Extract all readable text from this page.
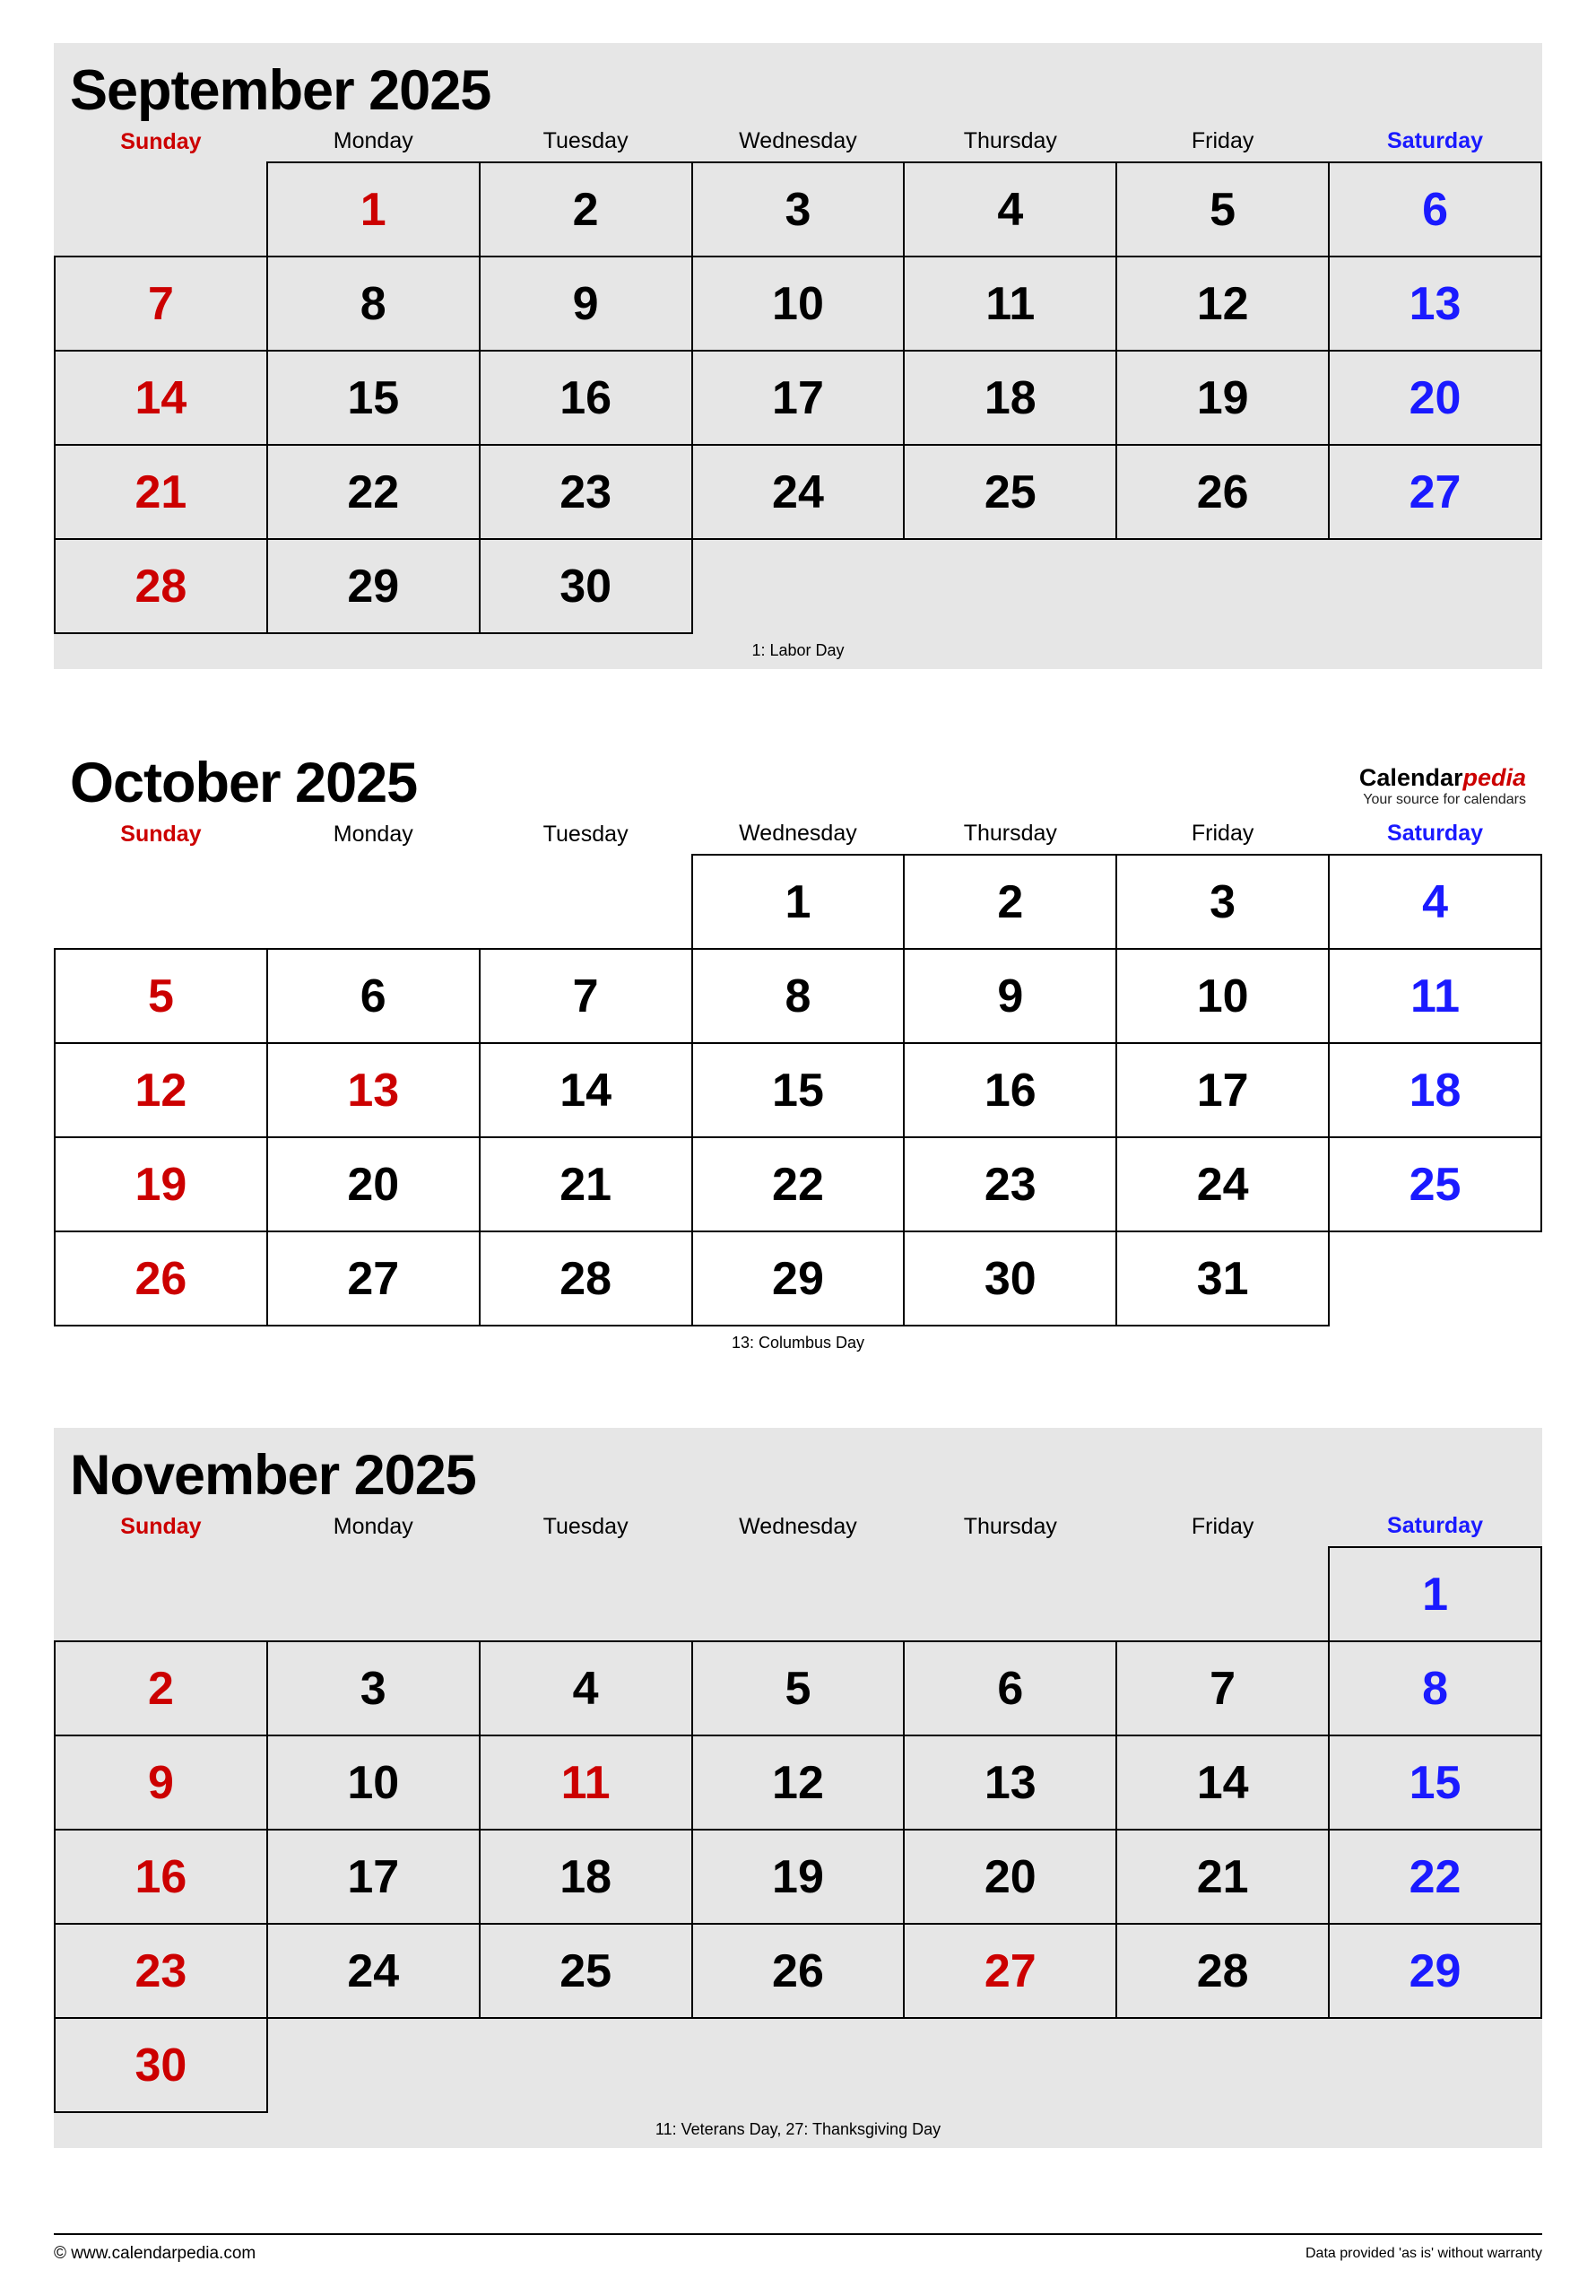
September 2025
Sunday	Monday	Tuesday	Wednesday	Thursday	Friday	Saturday
	1	2	3	4	5	6
7	8	9	10	11	12	13
14	15	16	17	18	19	20
21	22	23	24	25	26	27
28	29	30				
1: Labor Day
October 2025	Calendarpedia
Your source for calendars
Sunday	Monday	Tuesday	Wednesday	Thursday	Friday	Saturday
			1	2	3	4
5	6	7	8	9	10	11
12	13	14	15	16	17	18
19	20	21	22	23	24	25
26	27	28	29	30	31	
13: Columbus Day
November 2025
Sunday	Monday	Tuesday	Wednesday	Thursday	Friday	Saturday
						1
2	3	4	5	6	7	8
9	10	11	12	13	14	15
16	17	18	19	20	21	22
23	24	25	26	27	28	29
30						
11: Veterans Day, 27: Thanksgiving Day
© www.calendarpedia.com	Data provided 'as is' without warranty
